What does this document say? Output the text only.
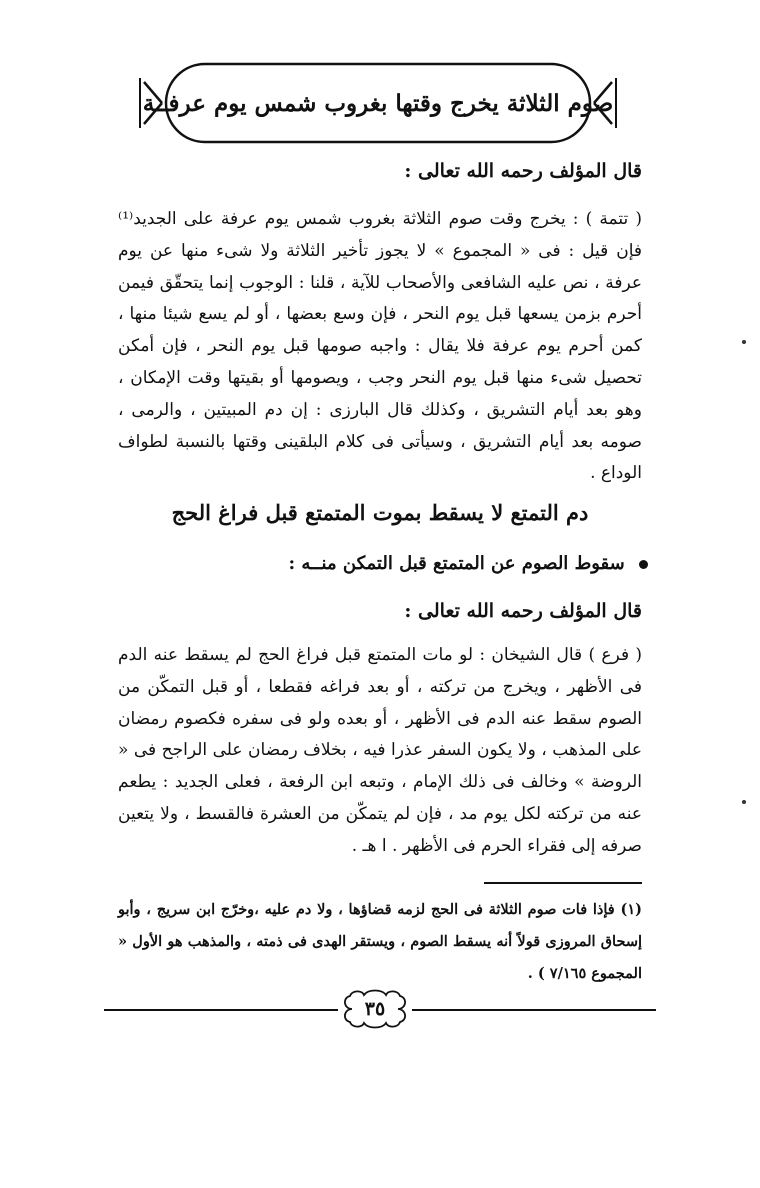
صوم الثلاثة يخرج وقتها بغروب شمس يوم عرفــة
قال المؤلف رحمه الله تعالى :

( تتمة ) : يخرج وقت صوم الثلاثة بغروب شمس يوم عرفة على الجديد⁽¹⁾ فإن قيل : فى « المجموع » لا يجوز تأخير الثلاثة ولا شىء منها عن يوم عرفة ، نص عليه الشافعى والأصحاب للآية ، قلنا : الوجوب إنما يتحقّق فيمن أحرم بزمن يسعها قبل يوم النحر ، فإن وسع بعضها ، أو لم يسع شيئا منها ، كمن أحرم يوم عرفة فلا يقال : واجبه صومها قبل يوم النحر ، فإن أمكن تحصيل شىء منها قبل يوم النحر وجب ، ويصومها أو بقيتها وقت الإمكان ، وهو بعد أيام التشريق ، وكذلك قال البارزى : إن دم المبيتين ، والرمى ، صومه بعد أيام التشريق ، وسيأتى فى كلام البلقينى وقتها بالنسبة لطواف الوداع .

دم التمتع لا يسقط بموت المتمتع قبل فراغ الحج
سقوط الصوم عن المتمتع قبل التمكن منــه :
قال المؤلف رحمه الله تعالى :

( فرع ) قال الشيخان : لو مات المتمتع قبل فراغ الحج لم يسقط عنه الدم فى الأظهر ، ويخرج من تركته ، أو بعد فراغه فقطعا ، أو قبل التمكّن من الصوم سقط عنه الدم فى الأظهر ، أو بعده ولو فى سفره فكصوم رمضان على المذهب ، ولا يكون السفر عذرا فيه ، بخلاف رمضان على الراجح فى « الروضة » وخالف فى ذلك الإمام ، وتبعه ابن الرفعة ، فعلى الجديد : يطعم عنه من تركته لكل يوم مد ، فإن لم يتمكّن من العشرة فالقسط ، ولا يتعين صرفه إلى فقراء الحرم فى الأظهر . ا هـ .

(١) فإذا فات صوم الثلاثة فى الحج لزمه قضاؤها ، ولا دم عليه ،وخرّج ابن سريج ، وأبو إسحاق المروزى قولاً أنه يسقط الصوم ، ويستقر الهدى فى ذمته ، والمذهب هو الأول « المجموع ٧/١٦٥ ) .

٣٥
